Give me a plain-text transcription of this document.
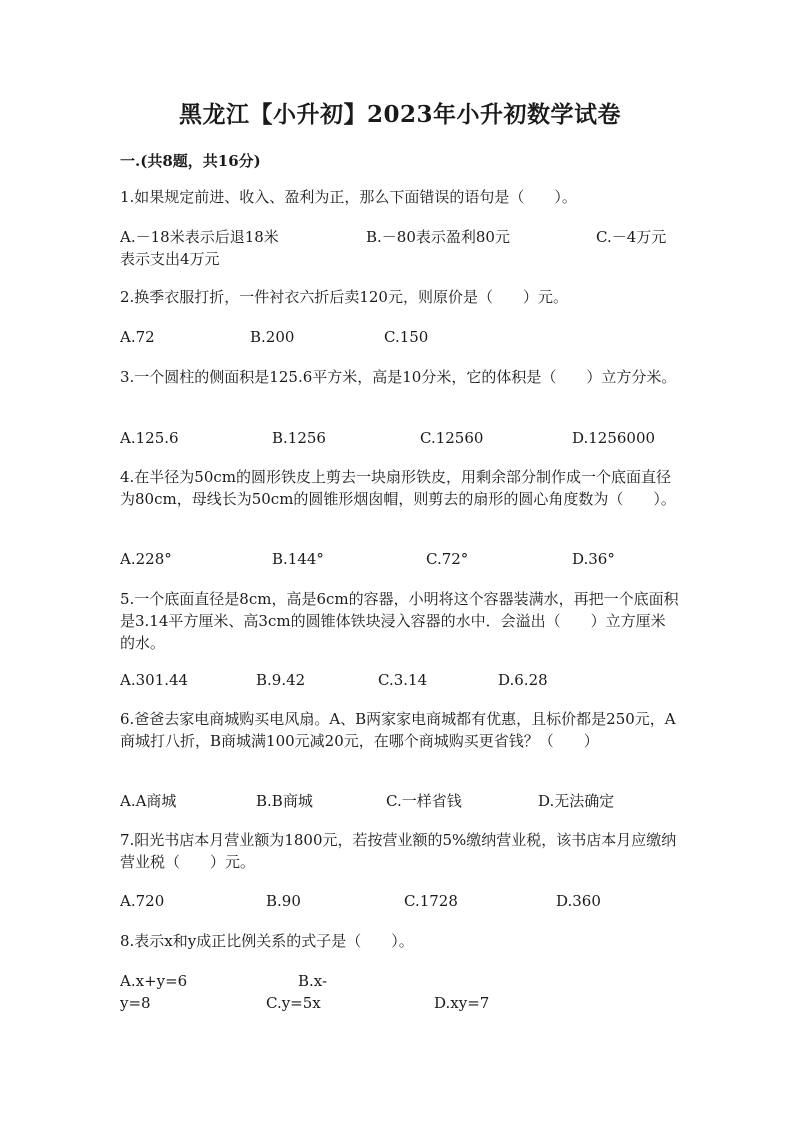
黑龙江【小升初】2023年小升初数学试卷
一.(共8题，共16分)
1.如果规定前进、收入、盈利为正，那么下面错误的语句是（　　）。
A.－18米表示后退18米	B.－80表示盈利80元	C.－4万元
表示支出4万元
2.换季衣服打折，一件衬衣六折后卖120元，则原价是（　　）元。
A.72	B.200	C.150
3.一个圆柱的侧面积是125.6平方米，高是10分米，它的体积是（　　）立方分米。
A.125.6	B.1256	C.12560	D.1256000
4.在半径为50cm的圆形铁皮上剪去一块扇形铁皮，用剩余部分制作成一个底面直径为80cm，母线长为50cm的圆锥形烟囱帽，则剪去的扇形的圆心角度数为（　　）。
A.228°	B.144°	C.72°	D.36°
5.一个底面直径是8cm，高是6cm的容器，小明将这个容器装满水，再把一个底面积是3.14平方厘米、高3cm的圆锥体铁块浸入容器的水中．会溢出（　　）立方厘米的水。
A.301.44	B.9.42	C.3.14	D.6.28
6.爸爸去家电商城购买电风扇。A、B两家家电商城都有优惠，且标价都是250元，A商城打八折，B商城满100元减20元，在哪个商城购买更省钱？（　　）
A.A商城	B.B商城	C.一样省钱	D.无法确定
7.阳光书店本月营业额为1800元，若按营业额的5%缴纳营业税，该书店本月应缴纳营业税（　　）元。
A.720	B.90	C.1728	D.360
8.表示x和y成正比例关系的式子是（　　）。
A.x+y=6	B.x-
y=8	C.y=5x	D.xy=7
